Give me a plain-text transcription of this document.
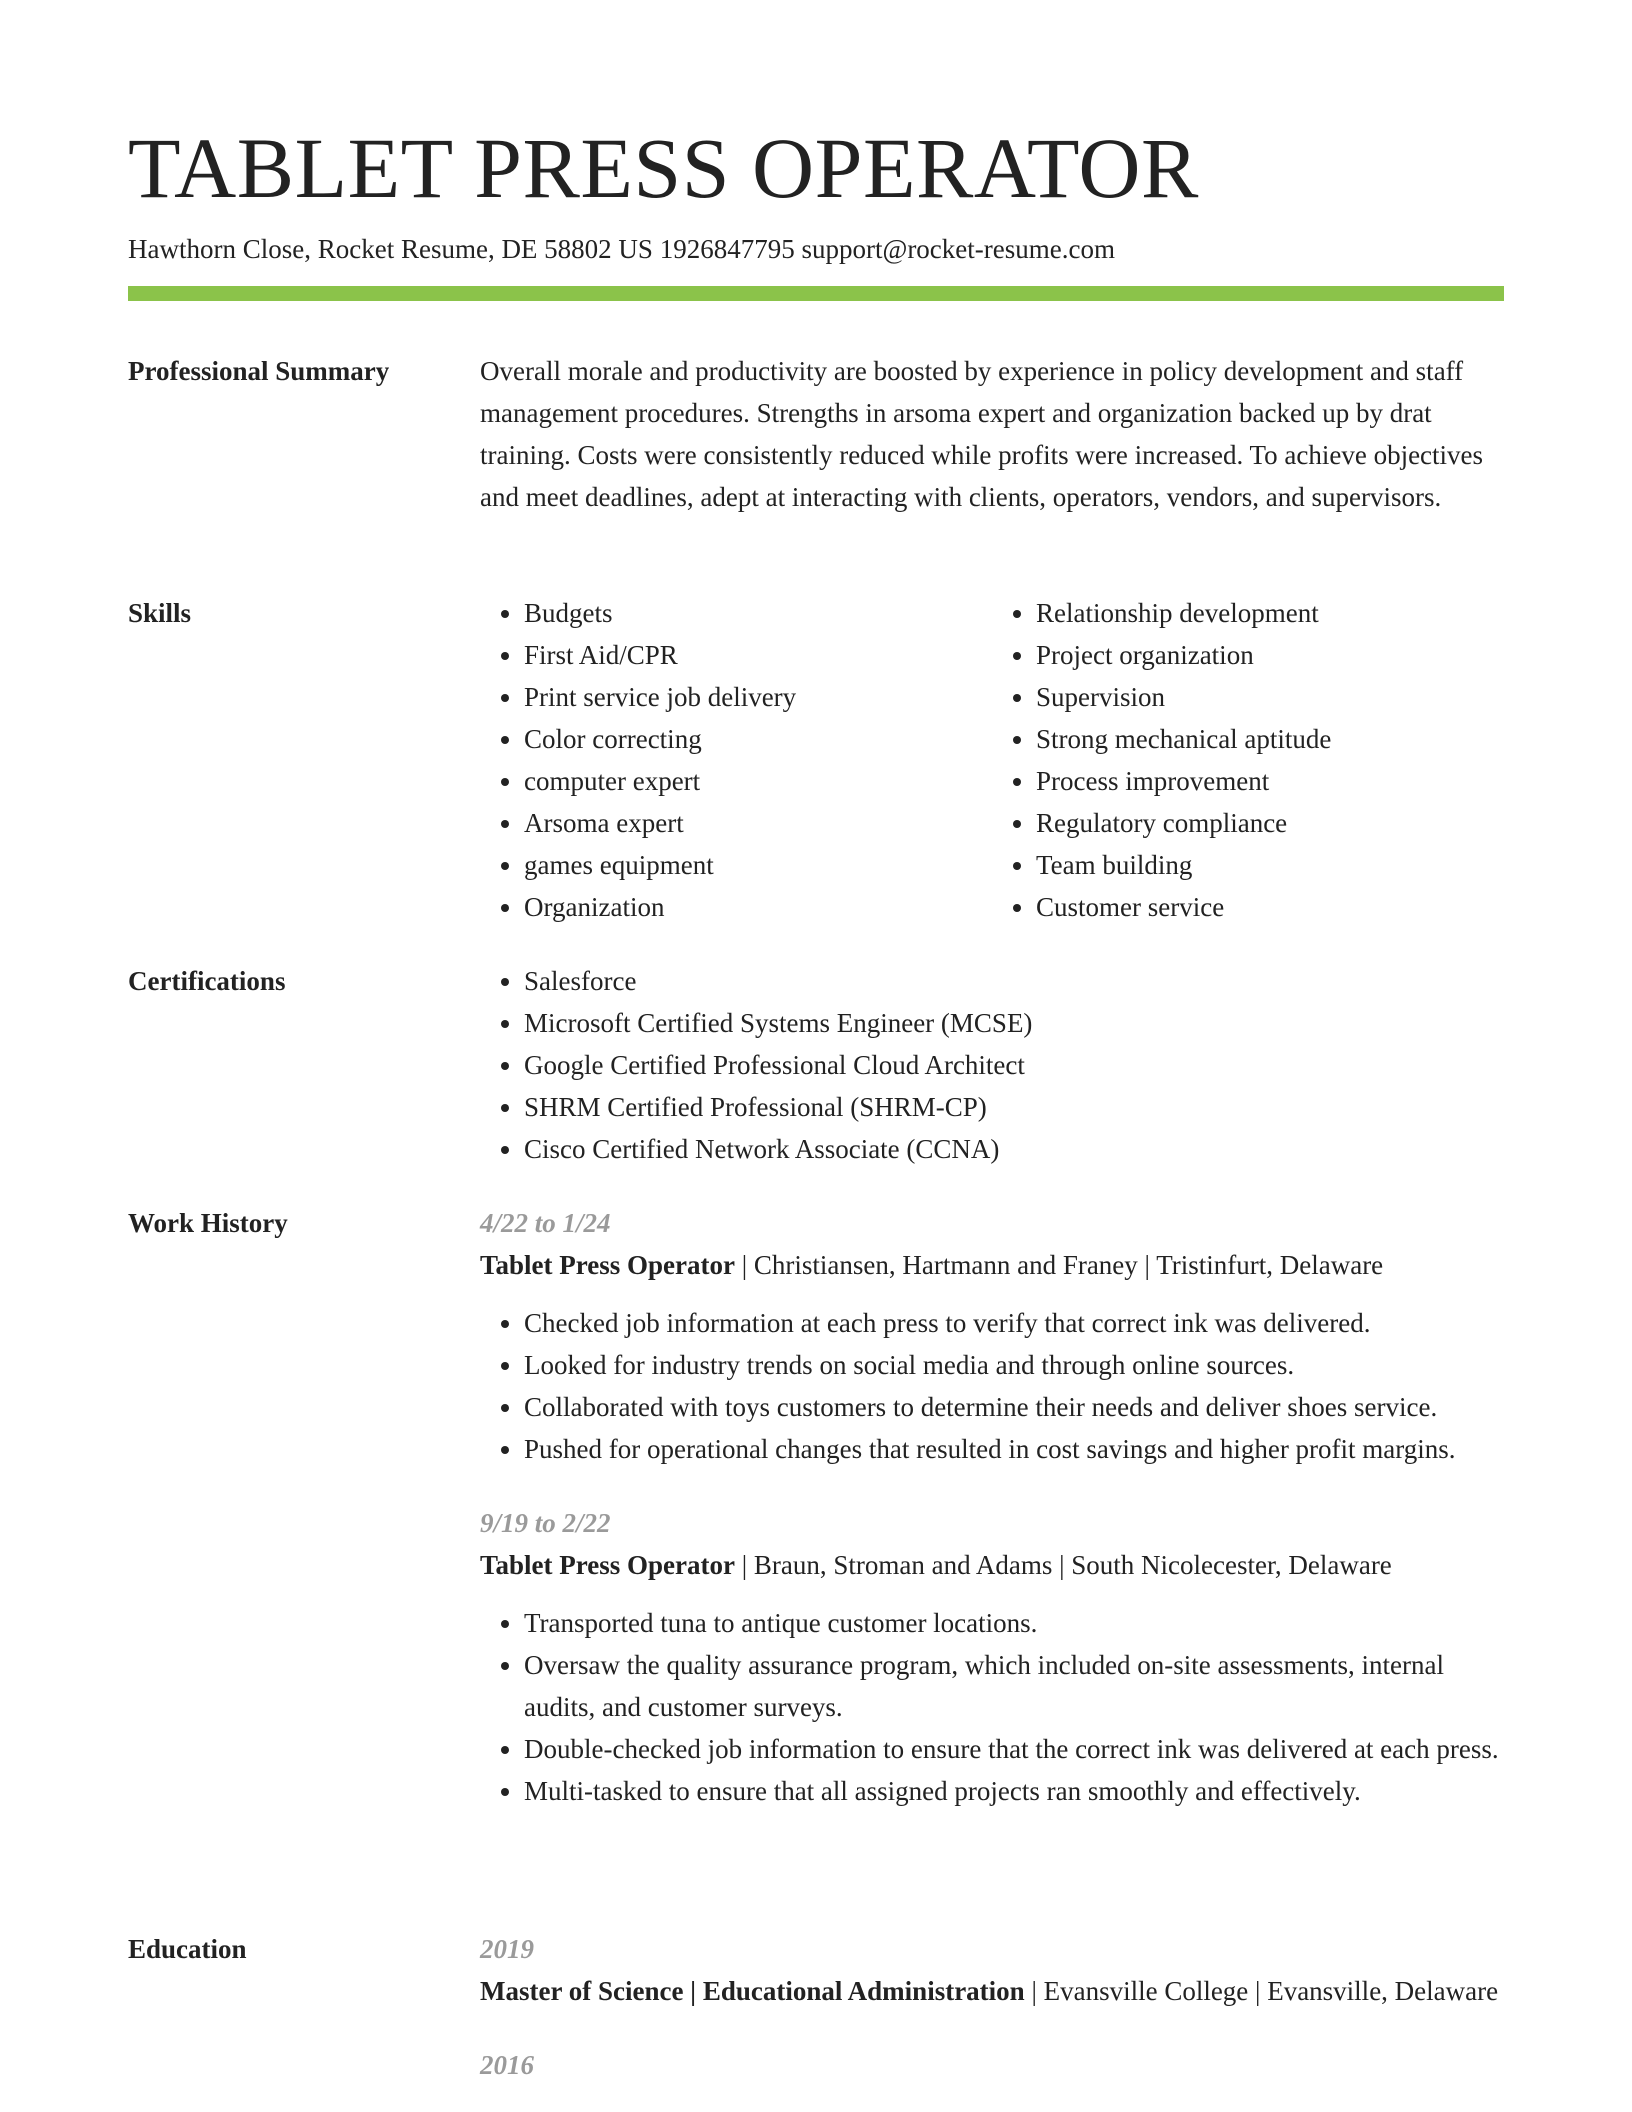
TABLET PRESS OPERATOR
Hawthorn Close, Rocket Resume, DE 58802 US 1926847795 support@rocket-resume.com
Professional Summary	Overall morale and productivity are boosted by experience in policy development and staff management procedures. Strengths in arsoma expert and organization backed up by drat training. Costs were consistently reduced while profits were increased. To achieve objectives and meet deadlines, adept at interacting with clients, operators, vendors, and supervisors.

Skills	• Budgets
• First Aid/CPR
• Print service job delivery
• Color correcting
• computer expert
• Arsoma expert
• games equipment
• Organization
• Relationship development
• Project organization
• Supervision
• Strong mechanical aptitude
• Process improvement
• Regulatory compliance
• Team building
• Customer service
Certifications	• Salesforce
• Microsoft Certified Systems Engineer (MCSE)
• Google Certified Professional Cloud Architect
• SHRM Certified Professional (SHRM-CP)
• Cisco Certified Network Associate (CCNA)
Work History	4/22 to 1/24
Tablet Press Operator | Christiansen, Hartmann and Franey | Tristinfurt, Delaware
• Checked job information at each press to verify that correct ink was delivered.
• Looked for industry trends on social media and through online sources.
• Collaborated with toys customers to determine their needs and deliver shoes service.
• Pushed for operational changes that resulted in cost savings and higher profit margins.
9/19 to 2/22
Tablet Press Operator | Braun, Stroman and Adams | South Nicolecester, Delaware
• Transported tuna to antique customer locations.
• Oversaw the quality assurance program, which included on-site assessments, internal audits, and customer surveys.
• Double-checked job information to ensure that the correct ink was delivered at each press.
• Multi-tasked to ensure that all assigned projects ran smoothly and effectively.
Education	2019
Master of Science | Educational Administration | Evansville College | Evansville, Delaware
2016
